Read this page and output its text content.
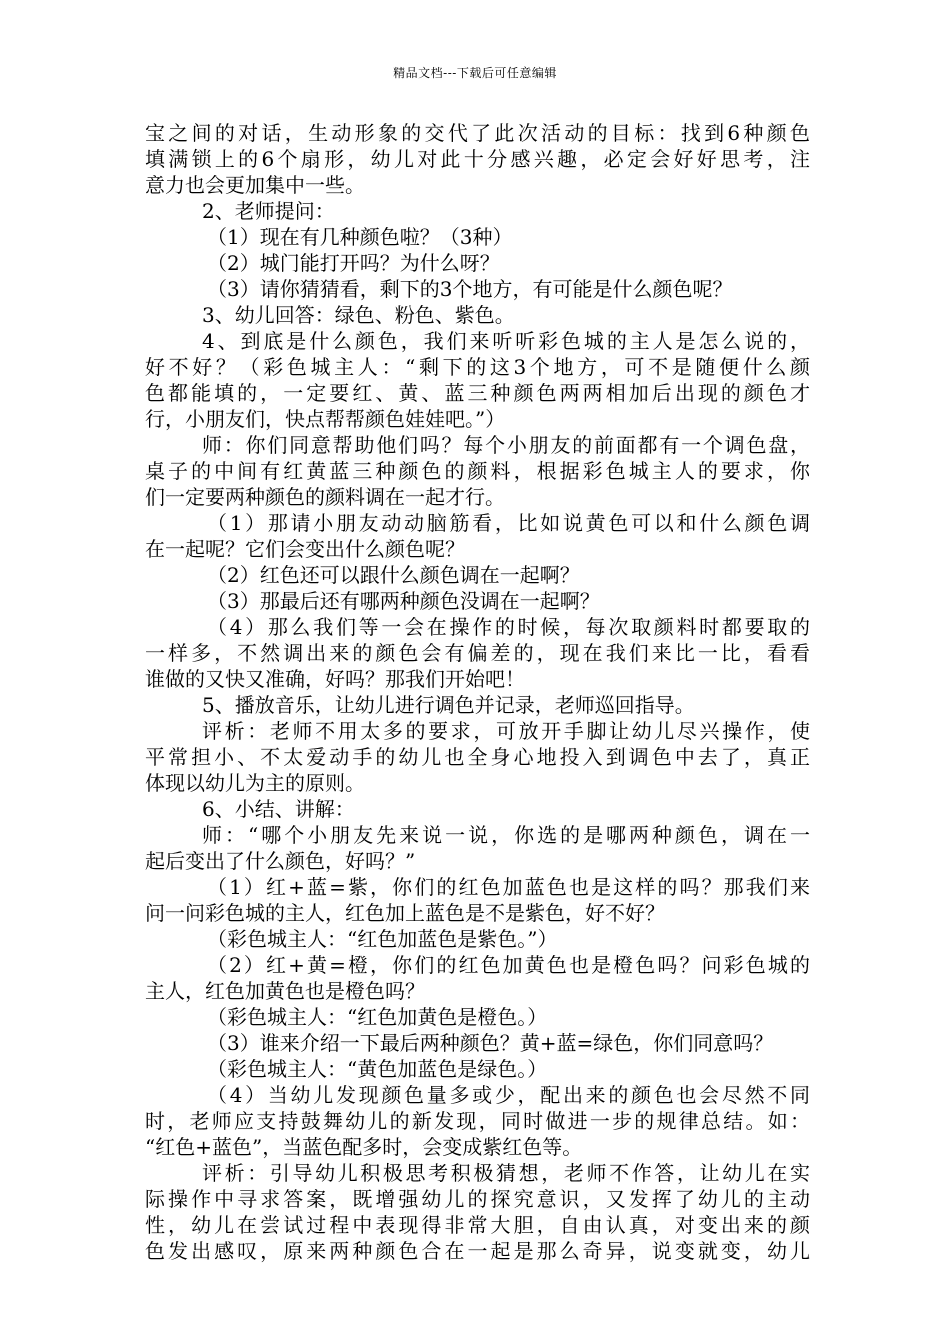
精品文档---下载后可任意编辑
宝之间的对话，生动形象的交代了此次活动的目标：找到6种颜色
填满锁上的6个扇形，幼儿对此十分感兴趣，必定会好好思考，注
意力也会更加集中一些。
2、老师提问：
（1）现在有几种颜色啦？（3种）
（2）城门能打开吗？为什么呀？
（3）请你猜猜看，剩下的3个地方，有可能是什么颜色呢？
3、幼儿回答：绿色、粉色、紫色。
4、到底是什么颜色，我们来听听彩色城的主人是怎么说的，
好不好？（彩色城主人：“剩下的这3个地方，可不是随便什么颜
色都能填的，一定要红、黄、蓝三种颜色两两相加后出现的颜色才
行，小朋友们，快点帮帮颜色娃娃吧。”）
师：你们同意帮助他们吗？每个小朋友的前面都有一个调色盘，
桌子的中间有红黄蓝三种颜色的颜料，根据彩色城主人的要求，你
们一定要两种颜色的颜料调在一起才行。
（1）那请小朋友动动脑筋看，比如说黄色可以和什么颜色调
在一起呢？它们会变出什么颜色呢？
（2）红色还可以跟什么颜色调在一起啊？
（3）那最后还有哪两种颜色没调在一起啊？
（4）那么我们等一会在操作的时候，每次取颜料时都要取的
一样多，不然调出来的颜色会有偏差的，现在我们来比一比，看看
谁做的又快又准确，好吗？那我们开始吧！
5、播放音乐，让幼儿进行调色并记录，老师巡回指导。
评析：老师不用太多的要求，可放开手脚让幼儿尽兴操作，使
平常担小、不太爱动手的幼儿也全身心地投入到调色中去了，真正
体现以幼儿为主的原则。
6、小结、讲解：
师：“哪个小朋友先来说一说，你选的是哪两种颜色，调在一
起后变出了什么颜色，好吗？”
（1）红+蓝=紫，你们的红色加蓝色也是这样的吗？那我们来
问一问彩色城的主人，红色加上蓝色是不是紫色，好不好？
（彩色城主人：“红色加蓝色是紫色。”）
（2）红+黄=橙，你们的红色加黄色也是橙色吗？问彩色城的
主人，红色加黄色也是橙色吗？
（彩色城主人：“红色加黄色是橙色。）
（3）谁来介绍一下最后两种颜色？黄+蓝=绿色，你们同意吗？
（彩色城主人：“黄色加蓝色是绿色。）
（4）当幼儿发现颜色量多或少，配出来的颜色也会尽然不同
时，老师应支持鼓舞幼儿的新发现，同时做进一步的规律总结。如：
“红色+蓝色”，当蓝色配多时，会变成紫红色等。
评析：引导幼儿积极思考积极猜想，老师不作答，让幼儿在实
际操作中寻求答案，既增强幼儿的探究意识，又发挥了幼儿的主动
性，幼儿在尝试过程中表现得非常大胆，自由认真，对变出来的颜
色发出感叹，原来两种颜色合在一起是那么奇异，说变就变，幼儿
